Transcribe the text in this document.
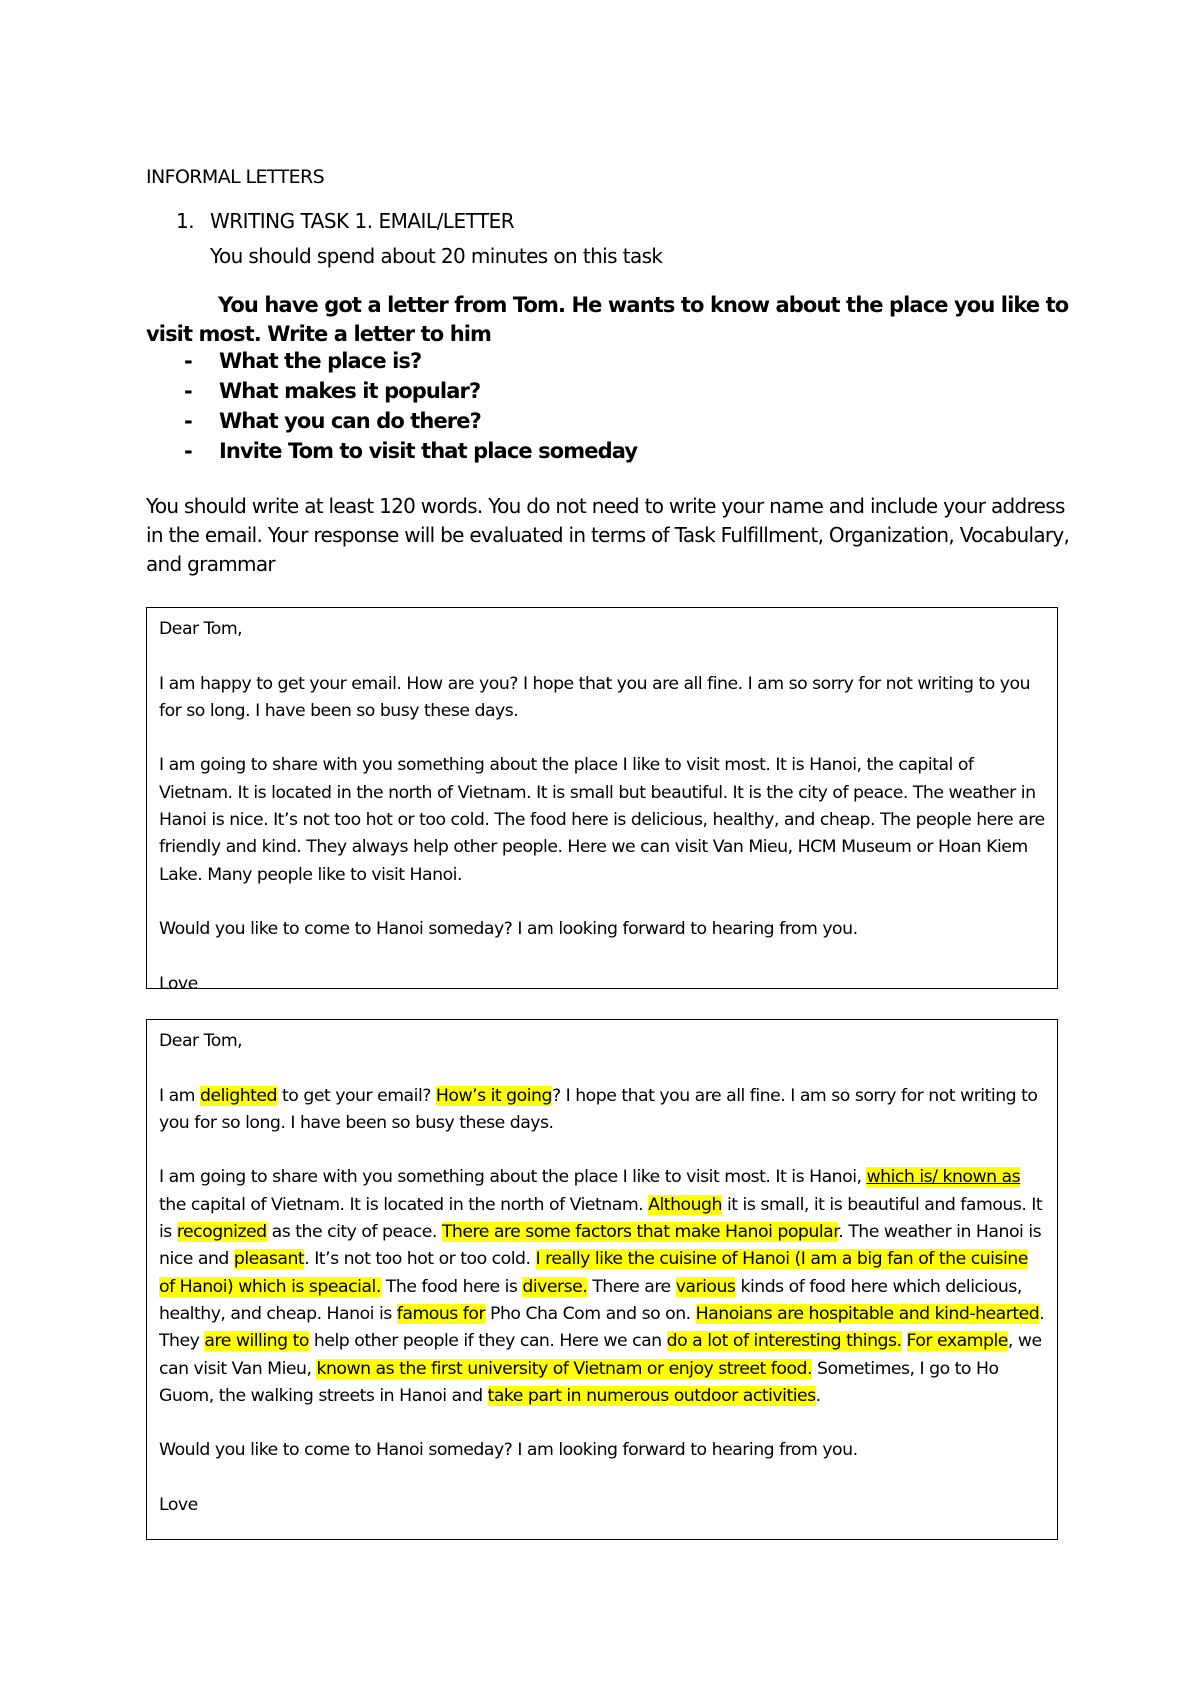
INFORMAL LETTERS
1. WRITING TASK 1. EMAIL/LETTER
You should spend about 20 minutes on this task
You have got a letter from Tom. He wants to know about the place you like to visit most. Write a letter to him
- What the place is?
- What makes it popular?
- What you can do there?
- Invite Tom to visit that place someday
You should write at least 120 words. You do not need to write your name and include your address in the email. Your response will be evaluated in terms of Task Fulfillment, Organization, Vocabulary, and grammar

Dear Tom,

I am happy to get your email. How are you? I hope that you are all fine. I am so sorry for not writing to you for so long. I have been so busy these days.

I am going to share with you something about the place I like to visit most. It is Hanoi, the capital of Vietnam. It is located in the north of Vietnam. It is small but beautiful. It is the city of peace. The weather in Hanoi is nice. It’s not too hot or too cold. The food here is delicious, healthy, and cheap. The people here are friendly and kind. They always help other people. Here we can visit Van Mieu, HCM Museum or Hoan Kiem Lake. Many people like to visit Hanoi.

Would you like to come to Hanoi someday? I am looking forward to hearing from you.

Love

Dear Tom,

I am delighted to get your email? How’s it going? I hope that you are all fine. I am so sorry for not writing to you for so long. I have been so busy these days.

I am going to share with you something about the place I like to visit most. It is Hanoi, which is/ known as the capital of Vietnam. It is located in the north of Vietnam. Although it is small, it is beautiful and famous. It is recognized as the city of peace. There are some factors that make Hanoi popular. The weather in Hanoi is nice and pleasant. It’s not too hot or too cold. I really like the cuisine of Hanoi (I am a big fan of the cuisine of Hanoi) which is speacial. The food here is diverse. There are various kinds of food here which delicious, healthy, and cheap. Hanoi is famous for Pho Cha Com and so on. Hanoians are hospitable and kind-hearted. They are willing to help other people if they can. Here we can do a lot of interesting things. For example, we can visit Van Mieu, known as the first university of Vietnam or enjoy street food. Sometimes, I go to Ho Guom, the walking streets in Hanoi and take part in numerous outdoor activities.

Would you like to come to Hanoi someday? I am looking forward to hearing from you.

Love
